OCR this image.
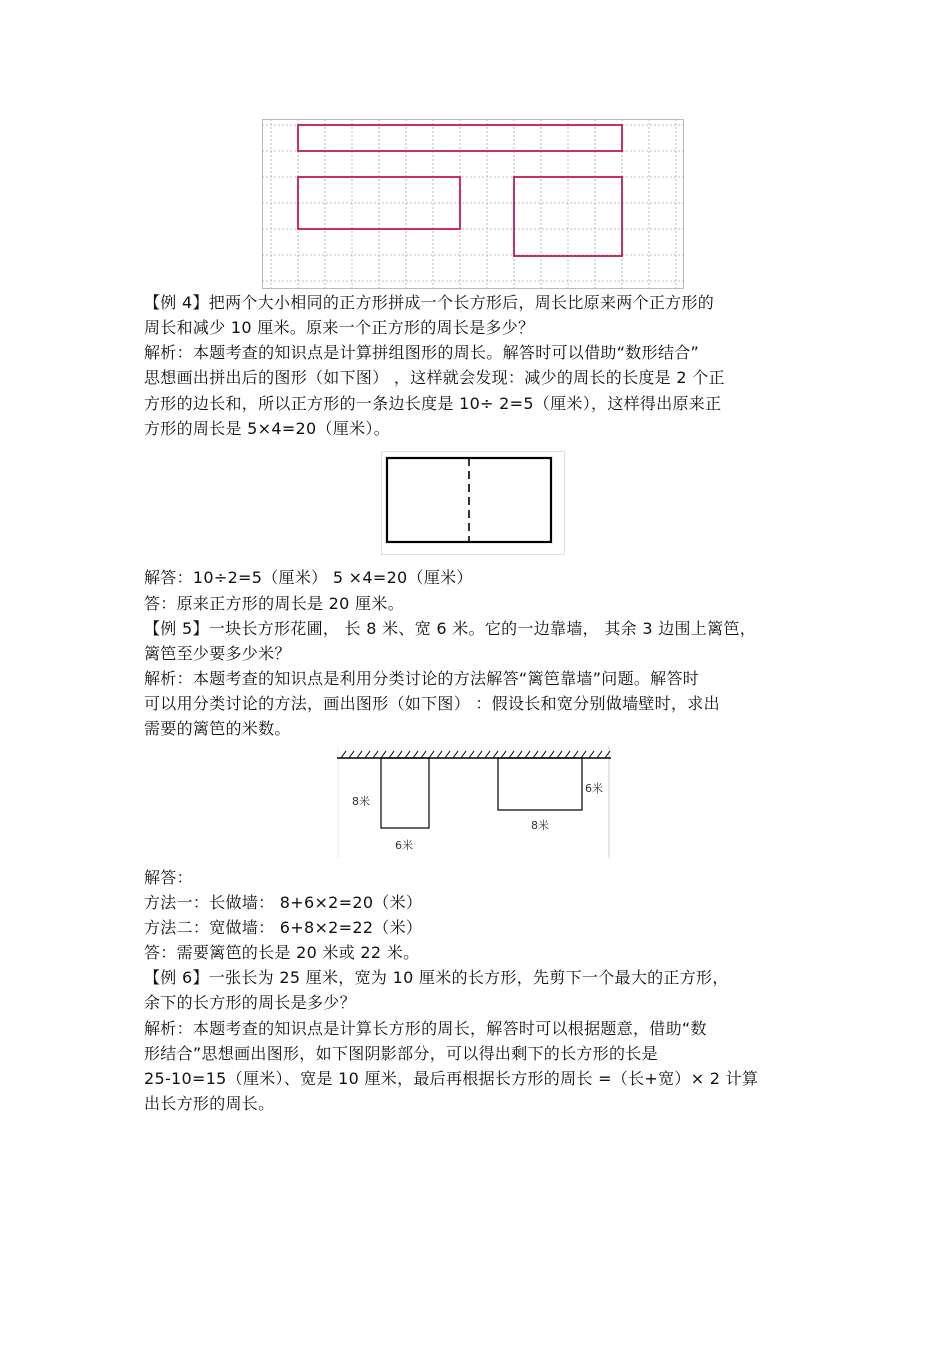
【例 4】把两个大小相同的正方形拼成一个长方形后，周长比原来两个正方形的
周长和减少 10 厘米。原来一个正方形的周长是多少？
解析：本题考查的知识点是计算拼组图形的周长。解答时可以借助“数形结合”
思想画出拼出后的图形（如下图） ，这样就会发现：减少的周长的长度是 2 个正
方形的边长和，所以正方形的一条边长度是 10÷ 2=5（厘米），这样得出原来正
方形的周长是 5×4=20（厘米）。
解答：10÷2=5（厘米） 5 ×4=20（厘米）
答：原来正方形的周长是 20 厘米。
【例 5】一块长方形花圃， 长 8 米、宽 6 米。它的一边靠墙， 其余 3 边围上篱笆，
篱笆至少要多少米？
解析：本题考查的知识点是利用分类讨论的方法解答“篱笆靠墙”问题。解答时
可以用分类讨论的方法，画出图形（如下图） ：假设长和宽分别做墙壁时，求出
需要的篱笆的米数。
8米
6米
6米
8米
解答：
方法一：长做墙： 8+6×2=20（米）
方法二：宽做墙： 6+8×2=22（米）
答：需要篱笆的长是 20 米或 22 米。
【例 6】一张长为 25 厘米，宽为 10 厘米的长方形，先剪下一个最大的正方形，
余下的长方形的周长是多少？
解析：本题考查的知识点是计算长方形的周长，解答时可以根据题意，借助“数
形结合”思想画出图形，如下图阴影部分，可以得出剩下的长方形的长是
25-10=15（厘米）、宽是 10 厘米，最后再根据长方形的周长 =（长+宽）× 2 计算
出长方形的周长。
